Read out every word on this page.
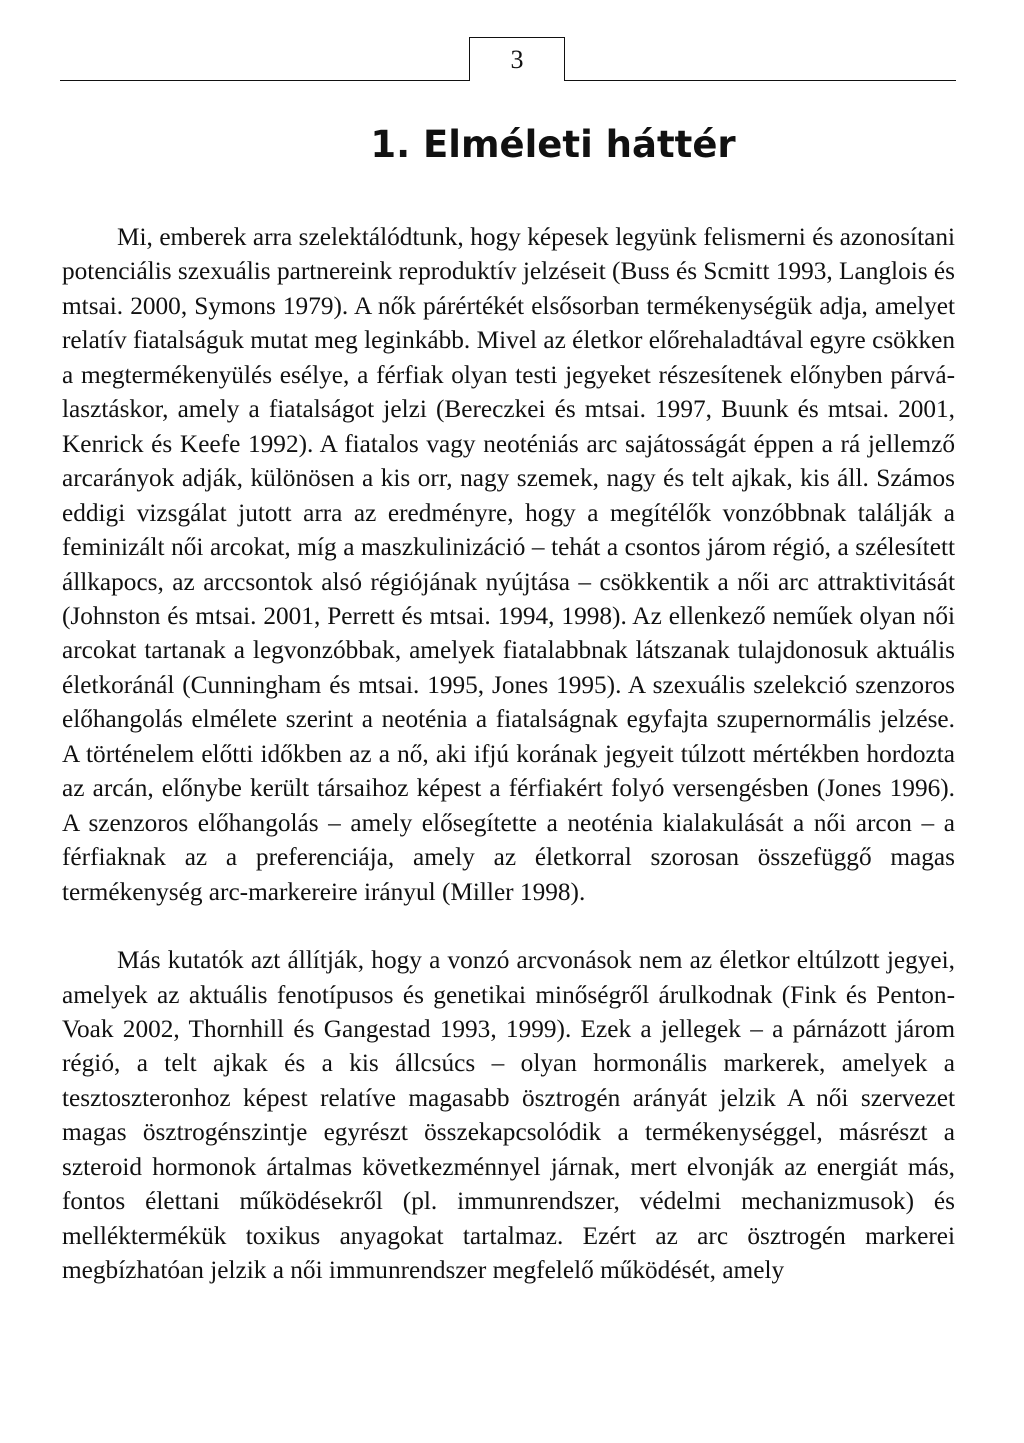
3
1. Elméleti háttér

Mi, emberek arra szelektálódtunk, hogy képesek legyünk felismerni és azonosítani potenciális szexuális partnereink reproduktív jelzéseit (Buss és Scmitt 1993, Langlois és mtsai. 2000, Symons 1979). A nők párértékét elsősorban termékenységük adja, amelyet relatív fiatalságuk mutat meg leginkább. Mivel az életkor előrehaladtával egyre csökken a megtermékenyülés esélye, a férfiak olyan testi jegyeket részesítenek előnyben párválasztáskor, amely a fiatalságot jelzi (Bereczkei és mtsai. 1997, Buunk és mtsai. 2001, Kenrick és Keefe 1992). A fiatalos vagy neoténiás arc sajátosságát éppen a rá jellemző arcarányok adják, különösen a kis orr, nagy szemek, nagy és telt ajkak, kis áll. Számos eddigi vizsgálat jutott arra az eredményre, hogy a megítélők vonzóbbnak találják a feminizált női arcokat, míg a maszkulinizáció – tehát a csontos járom régió, a szélesített állkapocs, az arccsontok alsó régiójának nyújtása – csökkentik a női arc attraktivitását (Johnston és mtsai. 2001, Perrett és mtsai. 1994, 1998). Az ellenkező neműek olyan női arcokat tartanak a legvonzóbbak, amelyek fiatalabbnak látszanak tulajdonosuk aktuális életkoránál (Cunningham és mtsai. 1995, Jones 1995). A szexuális szelekció szenzoros előhangolás elmélete szerint a neoténia a fiatalságnak egyfajta szupernormális jelzése. A történelem előtti időkben az a nő, aki ifjú korának jegyeit túlzott mértékben hordozta az arcán, előnybe került társaihoz képest a férfiakért folyó versengésben (Jones 1996). A szenzoros előhangolás – amely elősegítette a neoténia kialakulását a női arcon – a férfiaknak az a preferenciája, amely az életkorral szorosan összefüggő magas termékenység arc-markereire irányul (Miller 1998).

Más kutatók azt állítják, hogy a vonzó arcvonások nem az életkor eltúlzott jegyei, amelyek az aktuális fenotípusos és genetikai minőségről árulkodnak (Fink és Penton-Voak 2002, Thornhill és Gangestad 1993, 1999). Ezek a jellegek – a párnázott járom régió, a telt ajkak és a kis állcsúcs – olyan hormonális markerek, amelyek a tesztoszteronhoz képest relatíve magasabb ösztrogén arányát jelzik A női szervezet magas ösztrogénszintje egyrészt összekapcsolódik a termékenységgel, másrészt a szteroid hormonok ártalmas következménnyel járnak, mert elvonják az energiát más, fontos élettani működésekről (pl. immunrendszer, védelmi mechanizmusok) és melléktermékük toxikus anyagokat tartalmaz. Ezért az arc ösztrogén markerei megbízhatóan jelzik a női immunrendszer megfelelő működését, amely
